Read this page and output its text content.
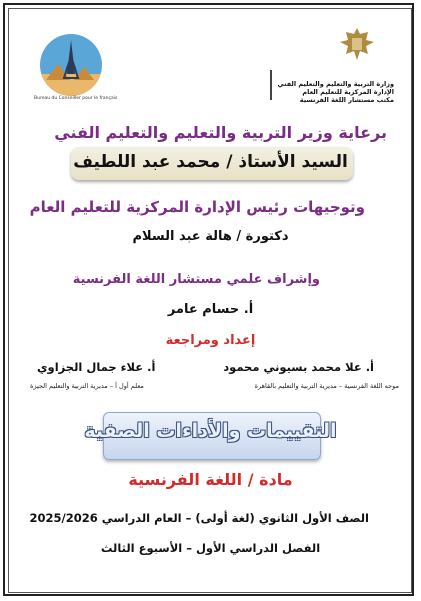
Bureau du Conseiller pour le français
وزارة التربية والتعليم والتعليم الفني
الإدارة المركزية للتعليم العام
مكتب مستشار اللغة الفرنسية
برعاية وزير التربية والتعليم والتعليم الفني
السيد الأستاذ / محمد عبد اللطيف
وتوجيهات رئيس الإدارة المركزية للتعليم العام
دكتورة / هالة عبد السلام
وإشراف علمي مستشار اللغة الفرنسية
أ. حسام عامر
إعداد ومراجعة
أ. علا محمد بسيوني محمود
موجه اللغة الفرنسية – مديرية التربية والتعليم بالقاهرة
أ. علاء جمال الجزاوي
معلم أول أ – مديرية التربية والتعليم الجيزة
التقييمات والأداءات الصفية
مادة / اللغة الفرنسية
الصف الأول الثانوي (لغة أولى) – العام الدراسي 2025/2026
الفصل الدراسي الأول – الأسبوع الثالث
